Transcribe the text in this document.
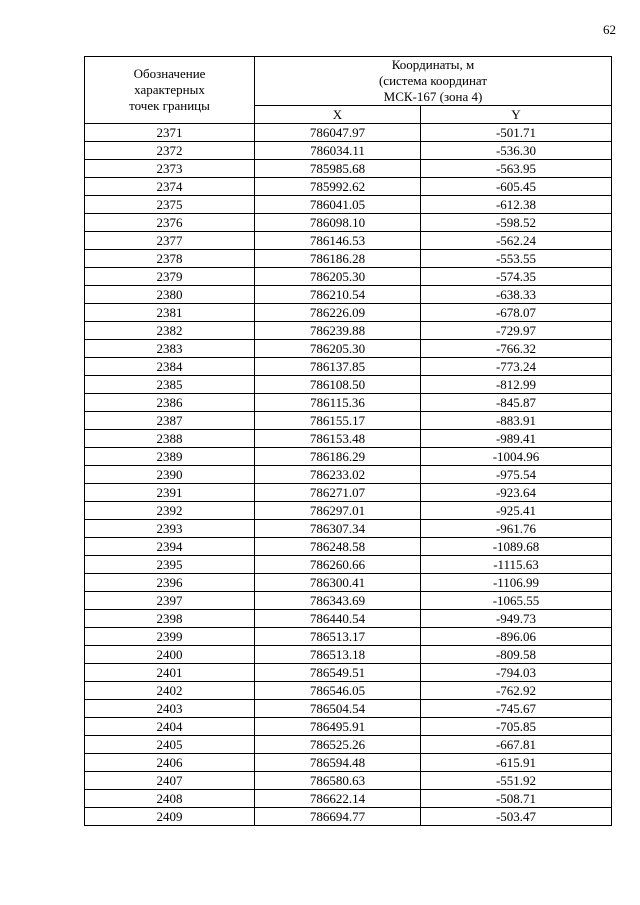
62
Обозначение
характерных
точек границы	Координаты, м
(система координат
МСК-167 (зона 4)	

	X	Y
2371	786047.97	-501.71
2372	786034.11	-536.30
2373	785985.68	-563.95
2374	785992.62	-605.45
2375	786041.05	-612.38
2376	786098.10	-598.52
2377	786146.53	-562.24
2378	786186.28	-553.55
2379	786205.30	-574.35
2380	786210.54	-638.33
2381	786226.09	-678.07
2382	786239.88	-729.97
2383	786205.30	-766.32
2384	786137.85	-773.24
2385	786108.50	-812.99
2386	786115.36	-845.87
2387	786155.17	-883.91
2388	786153.48	-989.41
2389	786186.29	-1004.96
2390	786233.02	-975.54
2391	786271.07	-923.64
2392	786297.01	-925.41
2393	786307.34	-961.76
2394	786248.58	-1089.68
2395	786260.66	-1115.63
2396	786300.41	-1106.99
2397	786343.69	-1065.55
2398	786440.54	-949.73
2399	786513.17	-896.06
2400	786513.18	-809.58
2401	786549.51	-794.03
2402	786546.05	-762.92
2403	786504.54	-745.67
2404	786495.91	-705.85
2405	786525.26	-667.81
2406	786594.48	-615.91
2407	786580.63	-551.92
2408	786622.14	-508.71
2409	786694.77	-503.47
